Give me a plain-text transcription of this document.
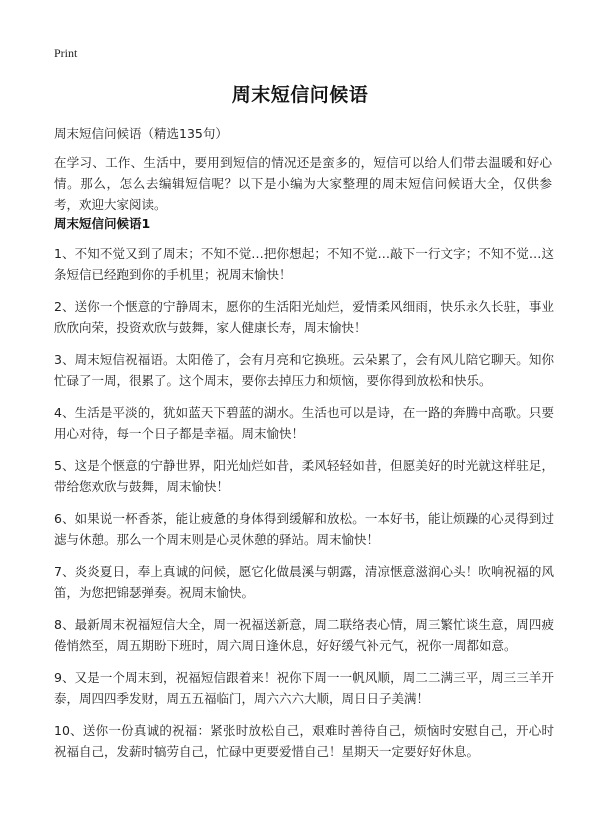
Print
周末短信问候语
周末短信问候语（精选135句）
在学习、工作、生活中，要用到短信的情况还是蛮多的，短信可以给人们带去温暖和好心情。那么，怎么去编辑短信呢？以下是小编为大家整理的周末短信问候语大全，仅供参考，欢迎大家阅读。
周末短信问候语1

1、不知不觉又到了周末；不知不觉…把你想起；不知不觉…敲下一行文字；不知不觉…这条短信已经跑到你的手机里；祝周末愉快！

2、送你一个惬意的宁静周末，愿你的生活阳光灿烂，爱情柔风细雨，快乐永久长驻，事业欣欣向荣，投资欢欣与鼓舞，家人健康长寿，周末愉快！

3、周末短信祝福语。太阳倦了，会有月亮和它换班。云朵累了，会有风儿陪它聊天。知你忙碌了一周，很累了。这个周末，要你去掉压力和烦恼，要你得到放松和快乐。

4、生活是平淡的，犹如蓝天下碧蓝的湖水。生活也可以是诗，在一路的奔腾中高歌。只要用心对待，每一个日子都是幸福。周末愉快！

5、这是个惬意的宁静世界，阳光灿烂如昔，柔风轻轻如昔，但愿美好的时光就这样驻足，带给您欢欣与鼓舞，周末愉快！

6、如果说一杯香茶，能让疲惫的身体得到缓解和放松。一本好书，能让烦躁的心灵得到过滤与休憩。那么一个周末则是心灵休憩的驿站。周末愉快！

7、炎炎夏日，奉上真诚的问候，愿它化做晨溪与朝露，清凉惬意滋润心头！吹响祝福的风笛，为您把锦瑟弹奏。祝周末愉快。

8、最新周末祝福短信大全，周一祝福送新意，周二联络表心情，周三繁忙谈生意，周四疲倦悄然至，周五期盼下班时，周六周日逢休息，好好缓气补元气，祝你一周都如意。

9、又是一个周末到，祝福短信跟着来！祝你下周一一帆风顺，周二二满三平，周三三羊开泰，周四四季发财，周五五福临门，周六六六大顺，周日日子美满！

10、送你一份真诚的祝福：紧张时放松自己，艰难时善待自己，烦恼时安慰自己，开心时祝福自己，发薪时犒劳自己，忙碌中更要爱惜自己！星期天一定要好好休息。
